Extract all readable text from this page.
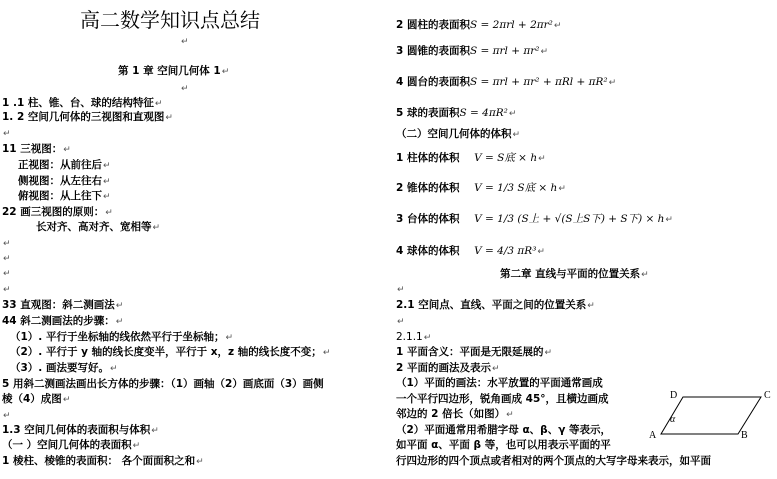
高二数学知识点总结
↵
第 1 章 空间几何体 1↵
↵
1 .1 柱、锥、台、球的结构特征↵
1. 2 空间几何体的三视图和直观图↵
↵
11 三视图：↵
正视图：从前往后↵
侧视图：从左往右↵
俯视图：从上往下↵
22 画三视图的原则：↵
长对齐、高对齐、宽相等↵
↵
↵
↵
↵
33 直观图：斜二测画法↵
44 斜二测画法的步骤：↵
（1）. 平行于坐标轴的线依然平行于坐标轴；↵
（2）. 平行于 y 轴的线长度变半，平行于 x，z 轴的线长度不变；↵
（3）. 画法要写好。↵
5 用斜二测画法画出长方体的步骤：（1）画轴（2）画底面（3）画侧
棱（4）成图↵
↵
1.3 空间几何体的表面积与体积↵
（一 ）空间几何体的表面积↵
1 棱柱、棱锥的表面积： 各个面面积之和↵
2 圆柱的表面积S = 2πrl + 2πr²↵
3 圆锥的表面积S = πrl + πr²↵
4 圆台的表面积S = πrl + πr² + πRl + πR²↵
5 球的表面积S = 4πR²↵
（二）空间几何体的体积↵
1 柱体的体积 V = S底 × h↵
2 锥体的体积 V = 1/3 S底 × h↵
3 台体的体积 V = 1/3 (S上 + √(S上S下) + S下) × h↵
4 球体的体积 V = 4/3 πR³↵
第二章 直线与平面的位置关系↵
↵
2.1 空间点、直线、平面之间的位置关系↵
↵
2.1.1↵
1 平面含义：平面是无限延展的↵
2 平面的画法及表示↵
（1）平面的画法：水平放置的平面通常画成
一个平行四边形，锐角画成 45°，且横边画成
邻边的 2 倍长（如图）↵
（2）平面通常用希腊字母 α、β、γ 等表示，
如平面 α、平面 β 等，也可以用表示平面的平
行四边形的四个顶点或者相对的两个顶点的大写字母来表示，如平面
A	B
C
D
α
